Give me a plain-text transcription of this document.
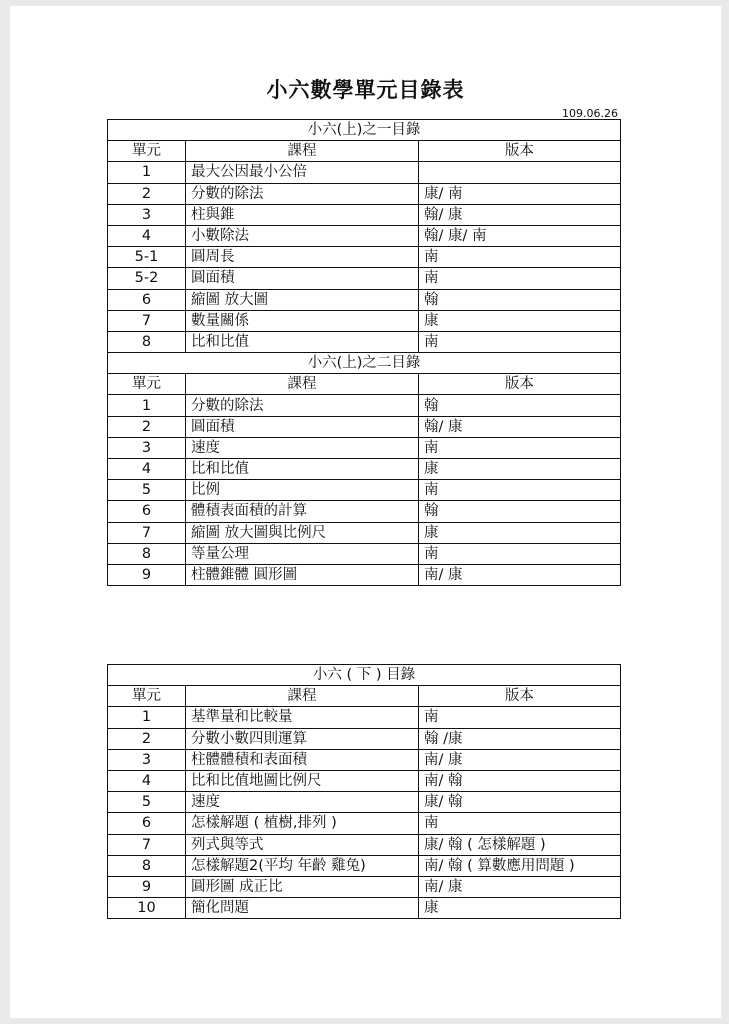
小六數學單元目錄表
109.06.26
小六(上)之一目錄		
單元	課程	版本
1	最大公因最小公倍	
2	分數的除法	康/ 南
3	柱與錐	翰/ 康
4	小數除法	翰/ 康/ 南
5-1	圓周長	南
5-2	圓面積	南
6	縮圖 放大圖	翰
7	數量關係	康
8	比和比值	南
小六(上)之二目錄		
單元	課程	版本
1	分數的除法	翰
2	圓面積	翰/ 康
3	速度	南
4	比和比值	康
5	比例	南
6	體積表面積的計算	翰
7	縮圖 放大圖與比例尺	康
8	等量公理	南
9	柱體錐體 圓形圖	南/ 康
小六 ( 下 ) 目錄		
單元	課程	版本
1	基準量和比較量	南
2	分數小數四則運算	翰 /康
3	柱體體積和表面積	南/ 康
4	比和比值地圖比例尺	南/ 翰
5	速度	康/ 翰
6	怎樣解題 ( 植樹,排列 )	南
7	列式與等式	康/ 翰 ( 怎樣解題 )
8	怎樣解題2(平均 年齡 雞兔)	南/ 翰 ( 算數應用問題 )
9	圓形圖 成正比	南/ 康
10	簡化問題	康
